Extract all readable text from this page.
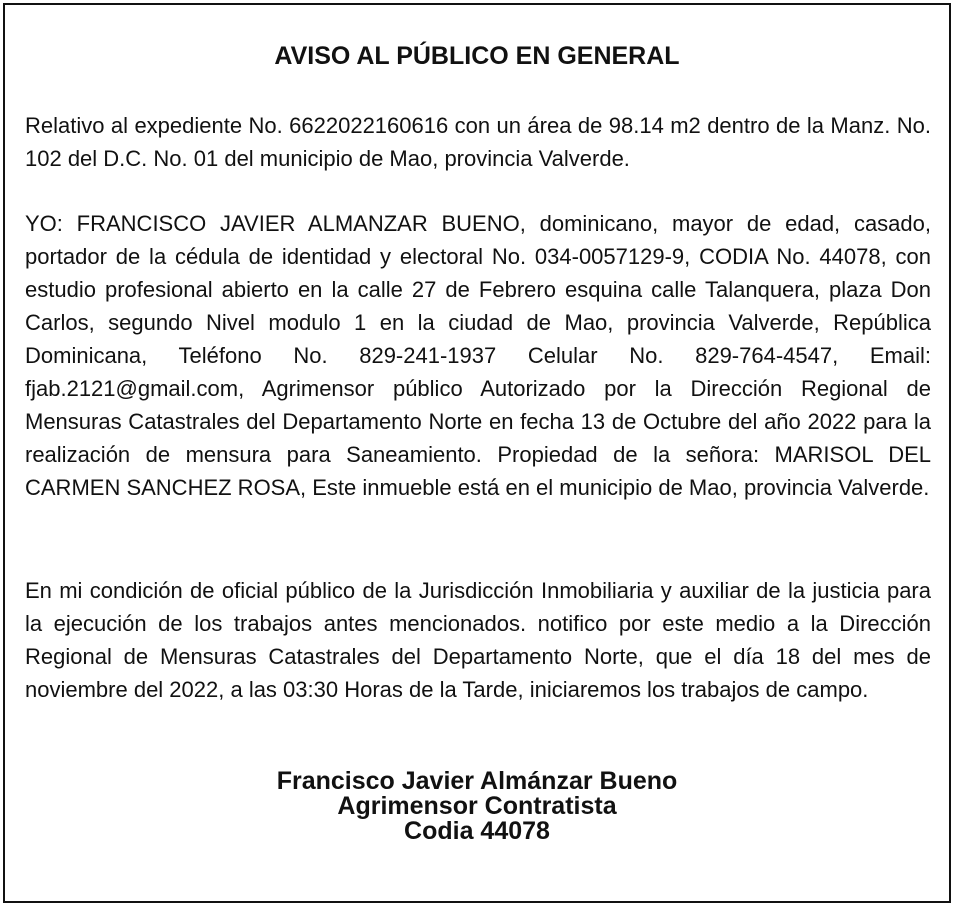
AVISO AL PÚBLICO EN GENERAL

Relativo al expediente No. 6622022160616 con un área de 98.14 m2 dentro de la Manz. No. 102 del D.C. No. 01 del municipio de Mao, provincia Valverde.

YO: FRANCISCO JAVIER ALMANZAR BUENO, dominicano, mayor de edad, casado, portador de la cédula de identidad y electoral No. 034-0057129-9, CODIA No. 44078, con estudio profesional abierto en la calle 27 de Febrero esquina calle Talanquera, plaza Don Carlos, segundo Nivel modulo 1 en la ciudad de Mao, provincia Valverde, República Dominicana, Teléfono No. 829-241-1937 Celular No. 829-764-4547, Email: fjab.2121@gmail.com, Agrimensor público Autorizado por la Dirección Regional de Mensuras Catastrales del Departamento Norte en fecha 13 de Octubre del año 2022 para la realización de mensura para Saneamiento. Propiedad de la señora: MARISOL DEL CARMEN SANCHEZ ROSA, Este inmueble está en el municipio de Mao, provincia Valverde.

En mi condición de oficial público de la Jurisdicción Inmobiliaria y auxiliar de la justicia para la ejecución de los trabajos antes mencionados. notifico por este medio a la Dirección Regional de Mensuras Catastrales del Departamento Norte, que el día 18 del mes de noviembre del 2022, a las 03:30 Horas de la Tarde, iniciaremos los trabajos de campo.

Francisco Javier Almánzar Bueno
Agrimensor Contratista
Codia 44078
